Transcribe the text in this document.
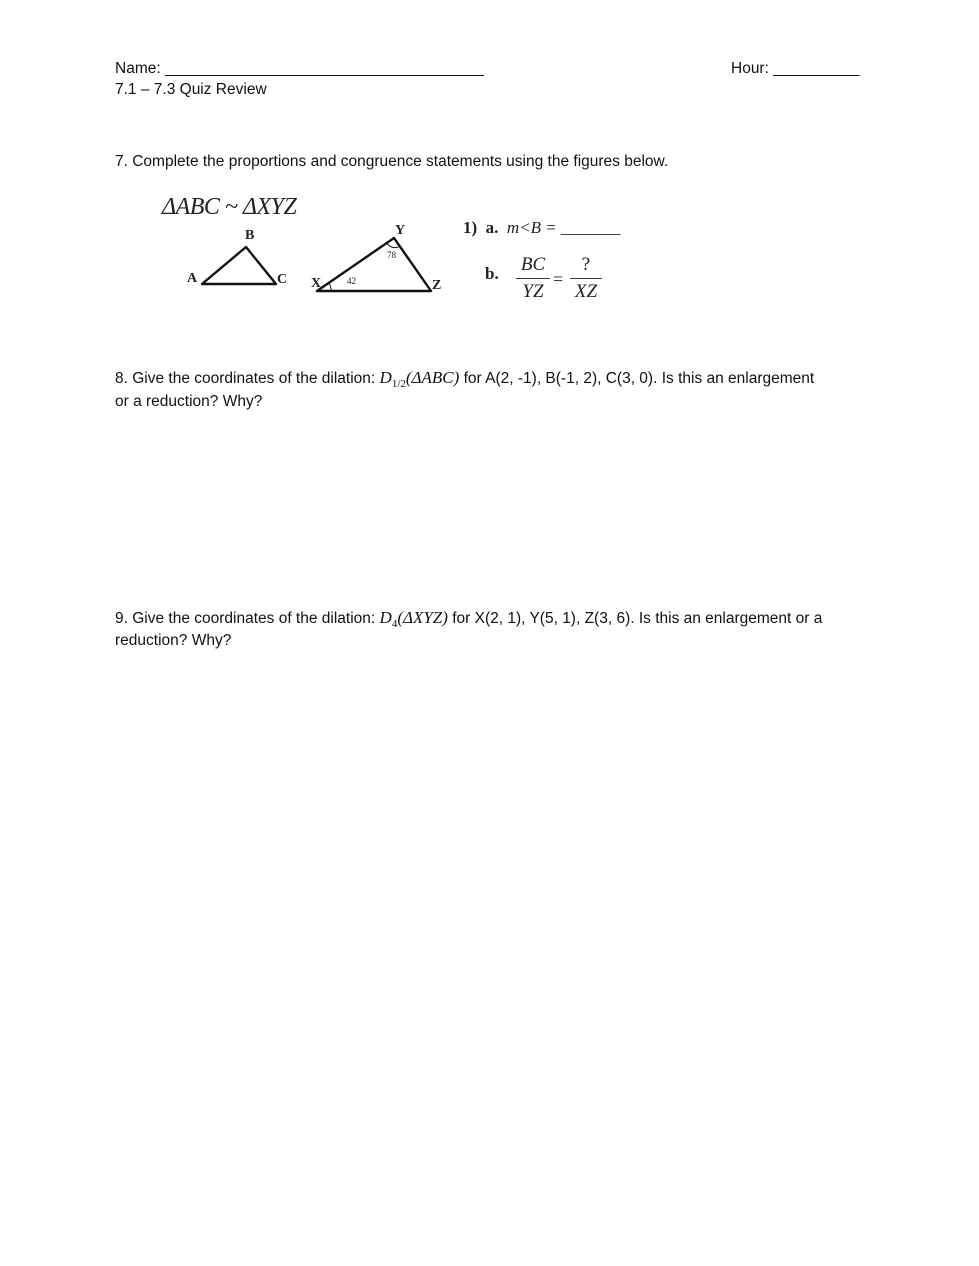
Name: _____________________________________	Hour: __________
7.1 – 7.3 Quiz Review
7. Complete the proportions and congruence statements using the figures below.
ΔABC ~ ΔXYZ
B
A	C
Y
X	Z
78
42
1) a. m<B = _______
b. BC
YZ
=
?
XZ
8. Give the coordinates of the dilation: $D_{1/2}(\Delta ABC)$ for A(2, -1), B(-1, 2), C(3, 0). Is this an enlargement
or a reduction? Why?
9. Give the coordinates of the dilation: $D_4(\Delta XYZ)$ for X(2, 1), Y(5, 1), Z(3, 6). Is this an enlargement or a
reduction? Why?
